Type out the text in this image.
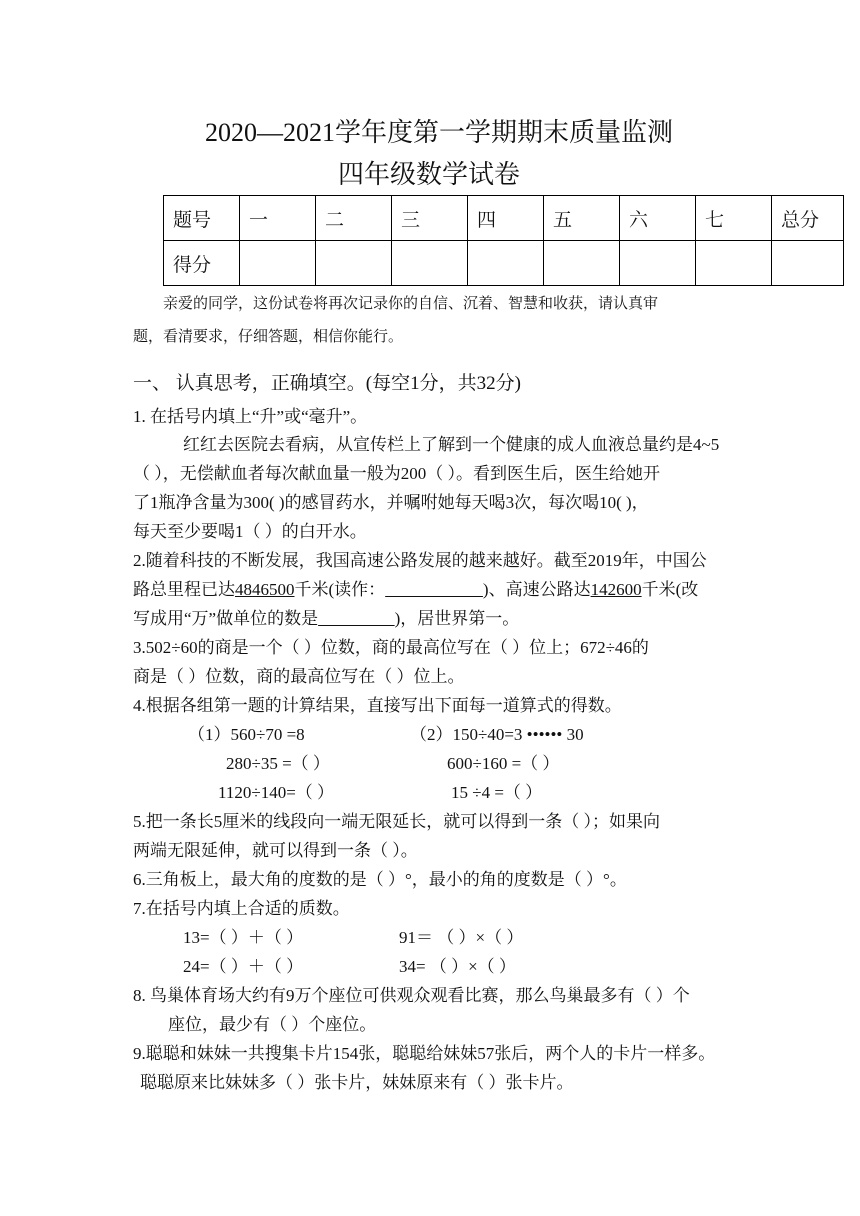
2020—2021学年度第一学期期末质量监测
四年级数学试卷
题号	一	二	三	四	五	六	七	总分
得分								
亲爱的同学，这份试卷将再次记录你的自信、沉着、智慧和收获，请认真审
题，看清要求，仔细答题，相信你能行。
一、 认真思考，正确填空。(每空1分，共32分)
1. 在括号内填上“升”或“毫升”。
红红去医院去看病，从宣传栏上了解到一个健康的成人血液总量约是4~5
（ ），无偿献血者每次献血量一般为200（ ）。看到医生后，医生给她开
了1瓶净含量为300( )的感冒药水，并嘱咐她每天喝3次，每次喝10( )，
每天至少要喝1（ ）的白开水。
2.随着科技的不断发展，我国高速公路发展的越来越好。截至2019年，中国公
路总里程已达4846500千米(读作：	)、高速公路达142600千米(改
写成用“万”做单位的数是	)，居世界第一。
3.502÷60的商是一个（ ）位数，商的最高位写在（ ）位上；672÷46的
商是（ ）位数，商的最高位写在（ ）位上。
4.根据各组第一题的计算结果，直接写出下面每一道算式的得数。
（1）560÷70 =8	（2）150÷40=3 •••••• 30
280÷35 =（ ）	600÷160 =（ ）
1120÷140=（ ）	15 ÷4 =（ ）
5.把一条长5厘米的线段向一端无限延长，就可以得到一条（ ）；如果向
两端无限延伸，就可以得到一条（ ）。
6.三角板上，最大角的度数的是（ ）°，最小的角的度数是（ ）°。
7.在括号内填上合适的质数。
13=（ ）＋（ ）	91＝ （ ）×（ ）
24=（ ）＋（ ）	34= （ ）×（ ）
8. 鸟巢体育场大约有9万个座位可供观众观看比赛，那么鸟巢最多有（ ）个
座位，最少有（ ）个座位。
9.聪聪和妹妹一共搜集卡片154张，聪聪给妹妹57张后，两个人的卡片一样多。
聪聪原来比妹妹多（ ）张卡片，妹妹原来有（ ）张卡片。
